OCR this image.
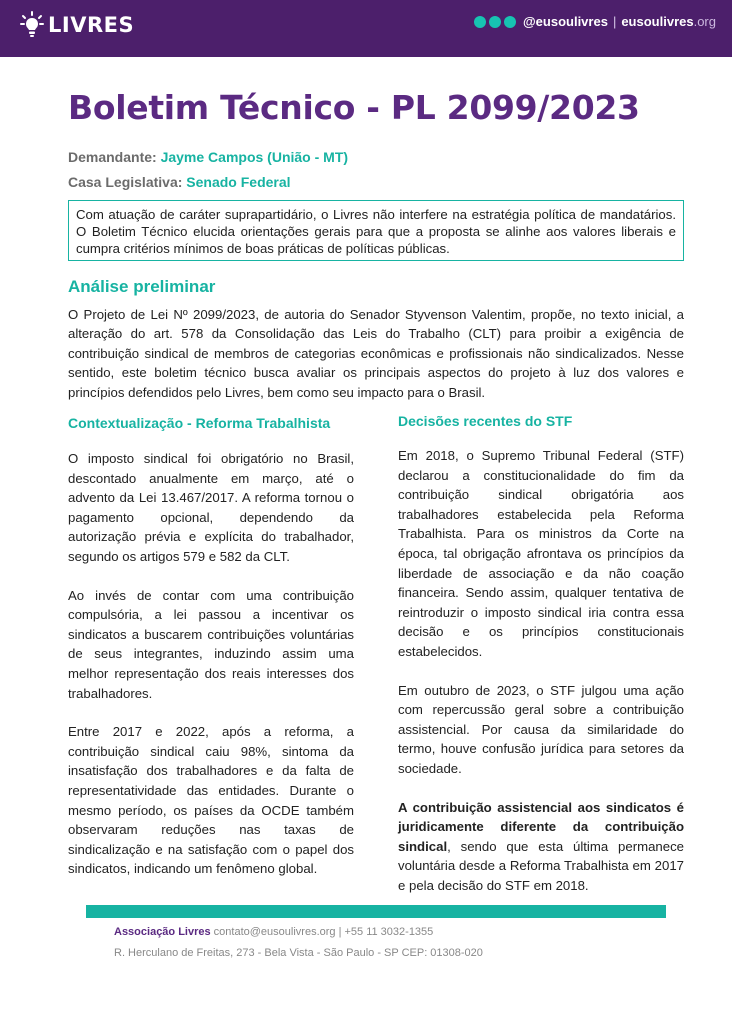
LIVRES	@eusoulivres | eusoulivres.org
Boletim Técnico - PL 2099/2023
Demandante: Jayme Campos (União - MT)
Casa Legislativa: Senado Federal
Com atuação de caráter suprapartidário, o Livres não interfere na estratégia política de mandatários. O Boletim Técnico elucida orientações gerais para que a proposta se alinhe aos valores liberais e cumpra critérios mínimos de boas práticas de políticas públicas.
Análise preliminar
O Projeto de Lei Nº 2099/2023, de autoria do Senador Styvenson Valentim, propõe, no texto inicial, a alteração do art. 578 da Consolidação das Leis do Trabalho (CLT) para proibir a exigência de contribuição sindical de membros de categorias econômicas e profissionais não sindicalizados. Nesse sentido, este boletim técnico busca avaliar os principais aspectos do projeto à luz dos valores e princípios defendidos pelo Livres, bem como seu impacto para o Brasil.
Contextualização - Reforma Trabalhista

O imposto sindical foi obrigatório no Brasil, descontado anualmente em março, até o advento da Lei 13.467/2017. A reforma tornou o pagamento opcional, dependendo da autorização prévia e explícita do trabalhador, segundo os artigos 579 e 582 da CLT.

Ao invés de contar com uma contribuição compulsória, a lei passou a incentivar os sindicatos a buscarem contribuições voluntárias de seus integrantes, induzindo assim uma melhor representação dos reais interesses dos trabalhadores.

Entre 2017 e 2022, após a reforma, a contribuição sindical caiu 98%, sintoma da insatisfação dos trabalhadores e da falta de representatividade das entidades. Durante o mesmo período, os países da OCDE também observaram reduções nas taxas de sindicalização e na satisfação com o papel dos sindicatos, indicando um fenômeno global.

Decisões recentes do STF

Em 2018, o Supremo Tribunal Federal (STF) declarou a constitucionalidade do fim da contribuição sindical obrigatória aos trabalhadores estabelecida pela Reforma Trabalhista. Para os ministros da Corte na época, tal obrigação afrontava os princípios da liberdade de associação e da não coação financeira. Sendo assim, qualquer tentativa de reintroduzir o imposto sindical iria contra essa decisão e os princípios constitucionais estabelecidos.

Em outubro de 2023, o STF julgou uma ação com repercussão geral sobre a contribuição assistencial. Por causa da similaridade do termo, houve confusão jurídica para setores da sociedade.

A contribuição assistencial aos sindicatos é juridicamente diferente da contribuição sindical, sendo que esta última permanece voluntária desde a Reforma Trabalhista em 2017 e pela decisão do STF em 2018.

Associação Livres contato@eusoulivres.org | +55 11 3032-1355
R. Herculano de Freitas, 273 - Bela Vista - São Paulo - SP CEP: 01308-020
